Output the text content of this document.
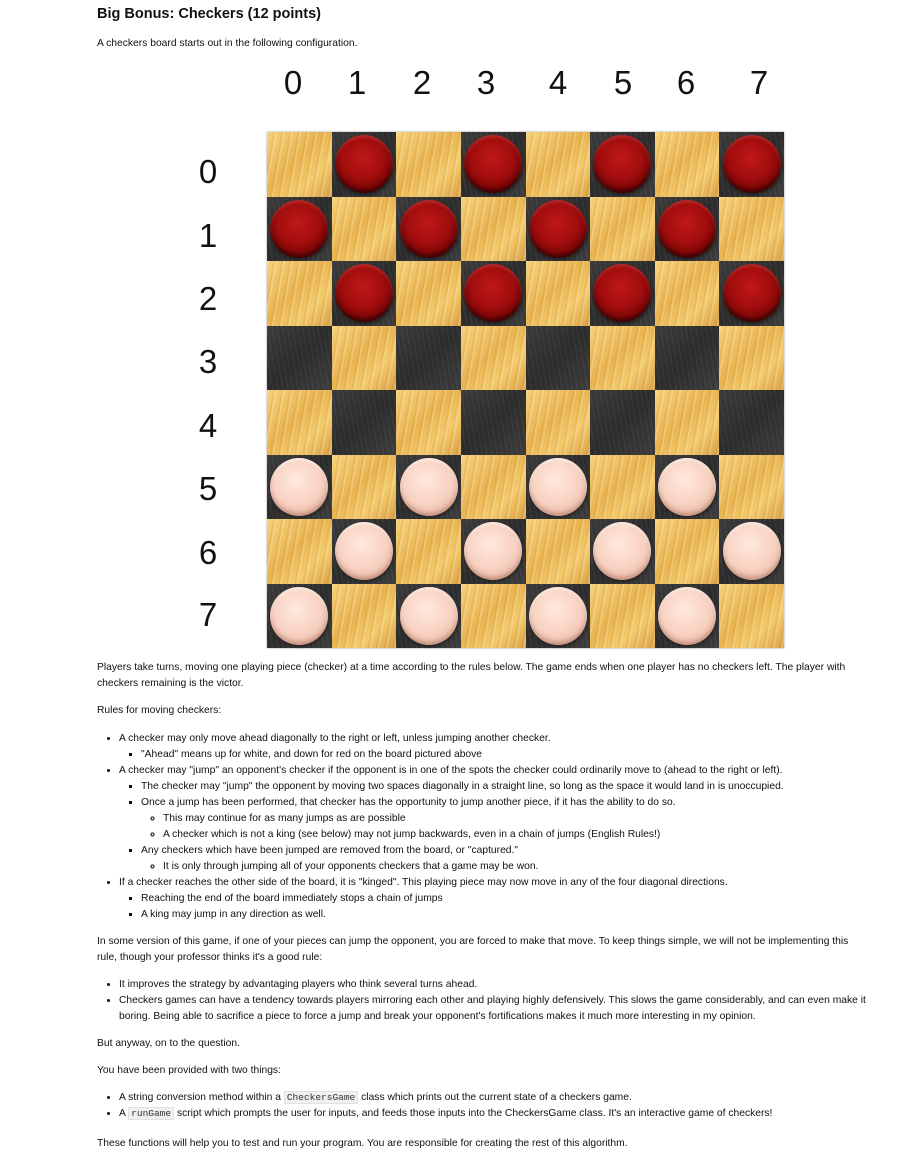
Big Bonus: Checkers (12 points)

A checkers board starts out in the following configuration.

0	1	2	3	4	5	6	7
0
1
2
3
4
5
6
7

Players take turns, moving one playing piece (checker) at a time according to the rules below. The game ends when one player has no checkers left. The player with checkers remaining is the victor.

Rules for moving checkers:

• A checker may only move ahead diagonally to the right or left, unless jumping another checker.
▪ "Ahead" means up for white, and down for red on the board pictured above
• A checker may "jump" an opponent's checker if the opponent is in one of the spots the checker could ordinarily move to (ahead to the right or left).
▪ The checker may "jump" the opponent by moving two spaces diagonally in a straight line, so long as the space it would land in is unoccupied.
▪ Once a jump has been performed, that checker has the opportunity to jump another piece, if it has the ability to do so.
◦ This may continue for as many jumps as are possible
◦ A checker which is not a king (see below) may not jump backwards, even in a chain of jumps (English Rules!)
▪ Any checkers which have been jumped are removed from the board, or "captured."
◦ It is only through jumping all of your opponents checkers that a game may be won.
• If a checker reaches the other side of the board, it is "kinged". This playing piece may now move in any of the four diagonal directions.
▪ Reaching the end of the board immediately stops a chain of jumps
▪ A king may jump in any direction as well.

In some version of this game, if one of your pieces can jump the opponent, you are forced to make that move. To keep things simple, we will not be implementing this rule, though your professor thinks it's a good rule:

• It improves the strategy by advantaging players who think several turns ahead.
• Checkers games can have a tendency towards players mirroring each other and playing highly defensively. This slows the game considerably, and can even make it boring. Being able to sacrifice a piece to force a jump and break your opponent's fortifications makes it much more interesting in my opinion.

But anyway, on to the question.

You have been provided with two things:

• A string conversion method within a CheckersGame class which prints out the current state of a checkers game.
• A runGame script which prompts the user for inputs, and feeds those inputs into the CheckersGame class. It's an interactive game of checkers!

These functions will help you to test and run your program. You are responsible for creating the rest of this algorithm.
